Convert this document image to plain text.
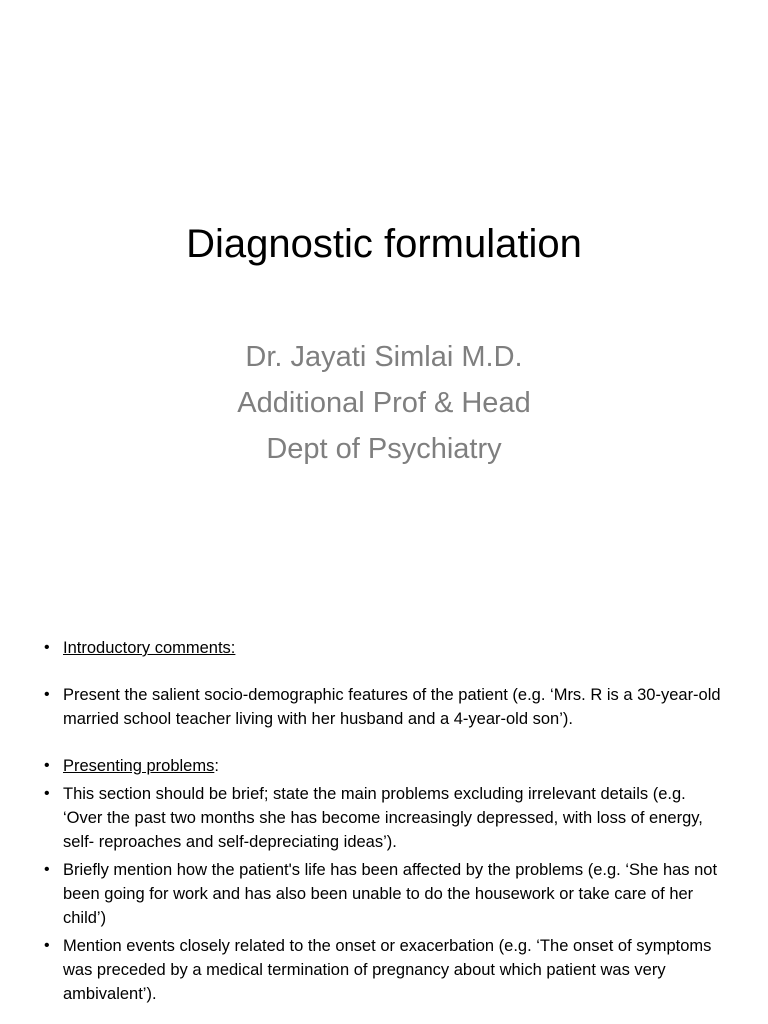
Diagnostic formulation
Dr. Jayati Simlai M.D.
Additional Prof & Head
Dept of Psychiatry
• Introductory comments:
• Present the salient socio-demographic features of the patient (e.g. ‘Mrs. R is a 30-year-old married school teacher living with her husband and a 4-year-old son’).
• Presenting problems:
• This section should be brief; state the main problems excluding irrelevant details (e.g. ‘Over the past two months she has become increasingly depressed, with loss of energy, self- reproaches and self-depreciating ideas’).
• Briefly mention how the patient's life has been affected by the problems (e.g. ‘She has not been going for work and has also been unable to do the housework or take care of her child’)
• Mention events closely related to the onset or exacerbation (e.g. ‘The onset of symptoms was preceded by a medical termination of pregnancy about which patient was very ambivalent’).
